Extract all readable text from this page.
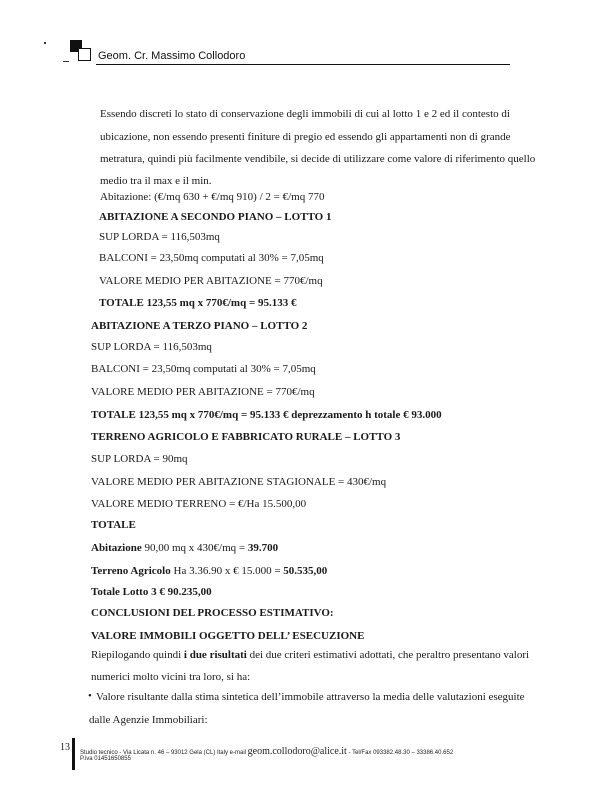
Geom. Cr. Massimo Collodoro
Essendo discreti lo stato di conservazione degli immobili di cui al lotto 1 e 2 ed il contesto di
ubicazione, non essendo presenti finiture di pregio ed essendo gli appartamenti non di grande
metratura, quindi più facilmente vendibile, si decide di utilizzare come valore di riferimento quello
medio tra il max e il min.
Abitazione: (€/mq 630 + €/mq 910) / 2 = €/mq 770
ABITAZIONE A SECONDO PIANO – LOTTO 1
SUP LORDA = 116,503mq
BALCONI = 23,50mq computati al 30% = 7,05mq
VALORE MEDIO PER ABITAZIONE = 770€/mq
TOTALE 123,55 mq x 770€/mq = 95.133 €
ABITAZIONE A TERZO PIANO – LOTTO 2
SUP LORDA = 116,503mq
BALCONI = 23,50mq computati al 30% = 7,05mq
VALORE MEDIO PER ABITAZIONE = 770€/mq
TOTALE 123,55 mq x 770€/mq = 95.133 € deprezzamento h totale € 93.000
TERRENO AGRICOLO E FABBRICATO RURALE – LOTTO 3
SUP LORDA = 90mq
VALORE MEDIO PER ABITAZIONE STAGIONALE = 430€/mq
VALORE MEDIO TERRENO = €/Ha 15.500,00
TOTALE
Abitazione 90,00 mq x 430€/mq = 39.700
Terreno Agricolo Ha 3.36.90 x € 15.000 = 50.535,00
Totale Lotto 3 € 90.235,00
CONCLUSIONI DEL PROCESSO ESTIMATIVO:
VALORE IMMOBILI OGGETTO DELL’ ESECUZIONE
Riepilogando quindi i due risultati dei due criteri estimativi adottati, che peraltro presentano valori
numerici molto vicini tra loro, si ha:
• Valore risultante dalla stima sintetica dell’immobile attraverso la media delle valutazioni eseguite
dalle Agenzie Immobiliari:
13 Studio tecnico - Via Licata n. 46 – 93012 Gela (CL) Italy e-mail geom.collodoro@alice.it - Tel/Fax 093382.48.30 – 33386.40.652
P.iva 01451650855
